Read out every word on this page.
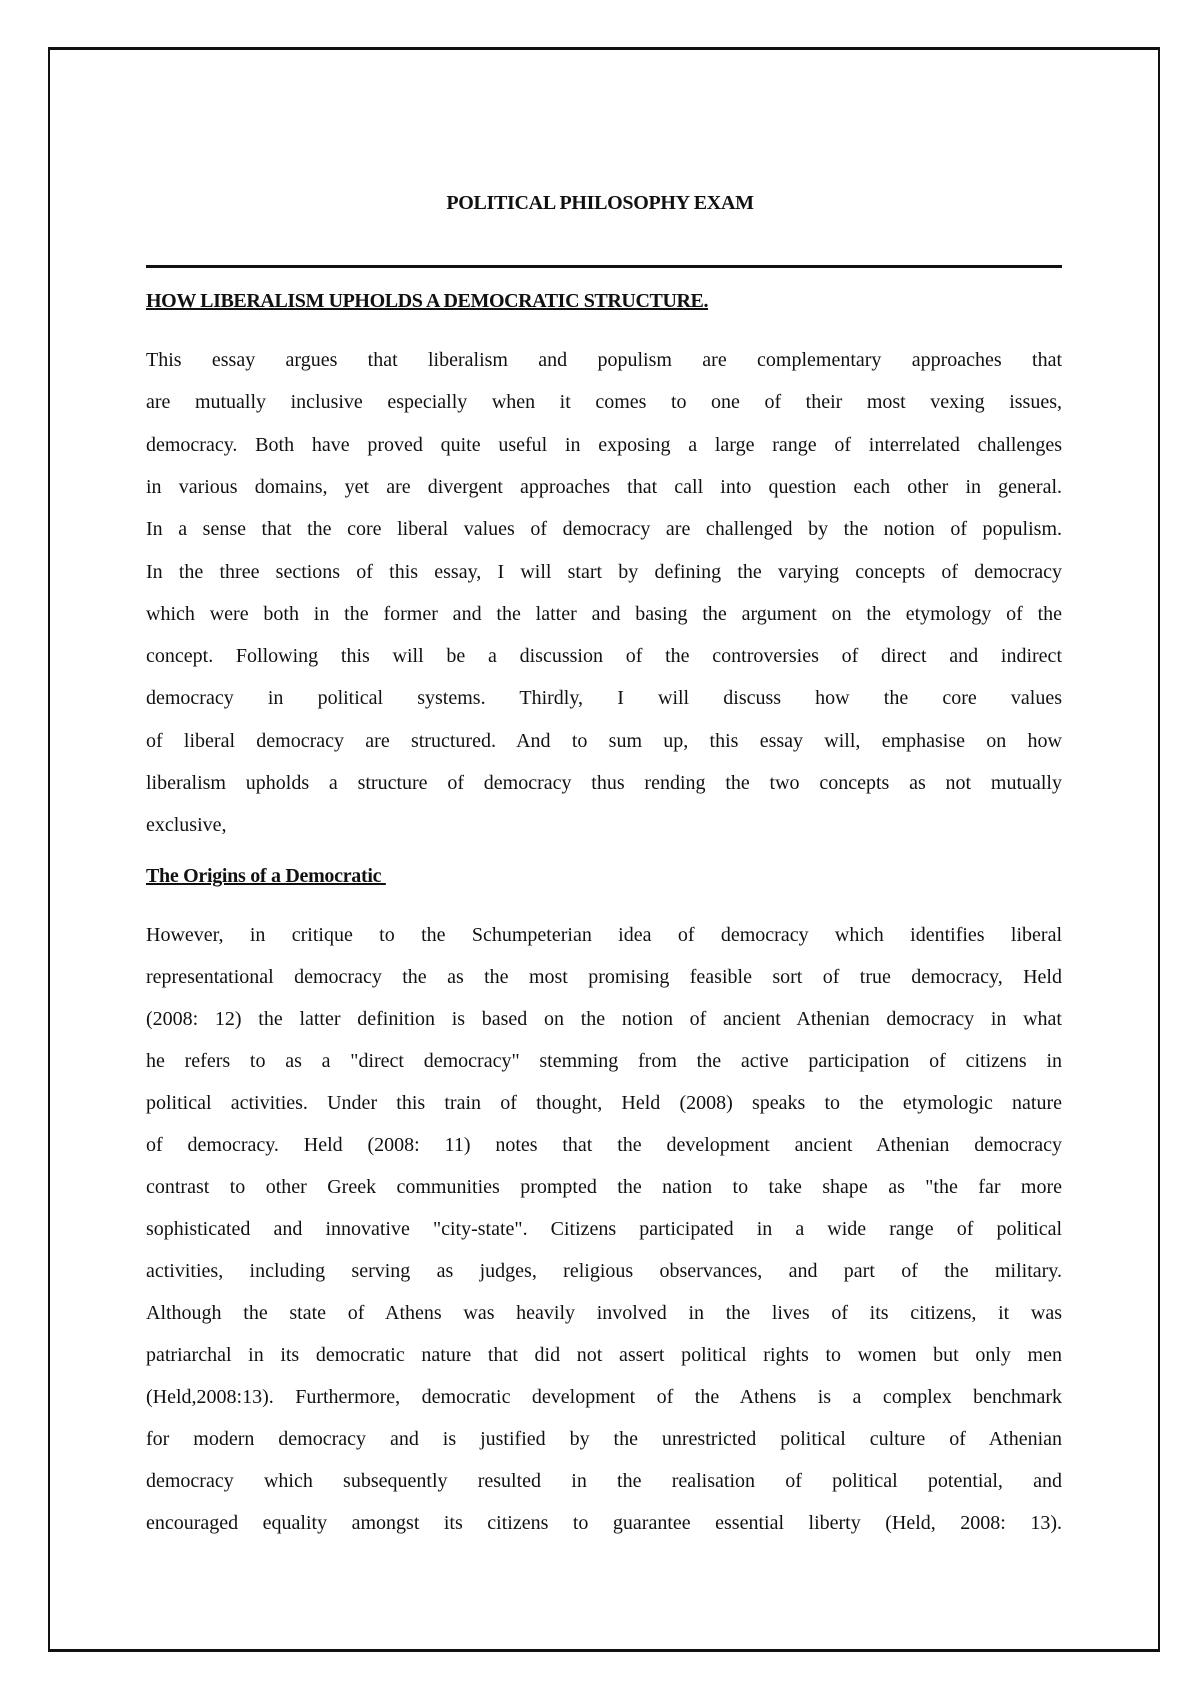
POLITICAL PHILOSOPHY EXAM
HOW LIBERALISM UPHOLDS A DEMOCRATIC STRUCTURE.
This essay argues that liberalism and populism are complementary approaches that
are mutually inclusive especially when it comes to one of their most vexing issues,
democracy. Both have proved quite useful in exposing a large range of interrelated challenges
in various domains, yet are divergent approaches that call into question each other in general.
In a sense that the core liberal values of democracy are challenged by the notion of populism.
In the three sections of this essay, I will start by defining the varying concepts of democracy
which were both in the former and the latter and basing the argument on the etymology of the
concept. Following this will be a discussion of the controversies of direct and indirect
democracy in political systems. Thirdly, I will discuss how the core values
of liberal democracy are structured. And to sum up, this essay will, emphasise on how
liberalism upholds a structure of democracy thus rending the two concepts as not mutually
exclusive,
The Origins of a Democratic
However, in critique to the Schumpeterian idea of democracy which identifies liberal
representational democracy the as the most promising feasible sort of true democracy, Held
(2008: 12) the latter definition is based on the notion of ancient Athenian democracy in what
he refers to as a "direct democracy" stemming from the active participation of citizens in
political activities. Under this train of thought, Held (2008) speaks to the etymologic nature
of democracy. Held (2008: 11) notes that the development ancient Athenian democracy
contrast to other Greek communities prompted the nation to take shape as "the far more
sophisticated and innovative "city-state". Citizens participated in a wide range of political
activities, including serving as judges, religious observances, and part of the military.
Although the state of Athens was heavily involved in the lives of its citizens, it was
patriarchal in its democratic nature that did not assert political rights to women but only men
(Held,2008:13). Furthermore, democratic development of the Athens is a complex benchmark
for modern democracy and is justified by the unrestricted political culture of Athenian
democracy which subsequently resulted in the realisation of political potential, and
encouraged equality amongst its citizens to guarantee essential liberty (Held, 2008: 13).
